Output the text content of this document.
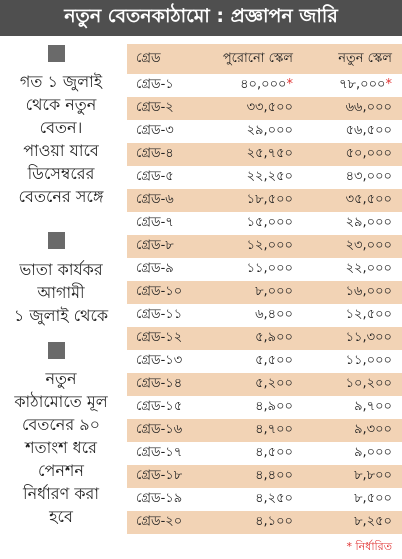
নতুন বেতনকাঠামো : প্রজ্ঞাপন জারি
গত ১ জুলাই
থেকে নতুন
বেতন।
পাওয়া যাবে
ডিসেম্বরের
বেতনের সঙ্গে
ভাতা কার্যকর
আগামী
১ জুলাই থেকে
নতুন
কাঠামোতে মূল
বেতনের ৯০
শতাংশ ধরে
পেনশন
নির্ধারণ করা
হবে
গ্রেড	পুরোনো স্কেল	নতুন স্কেল
গ্রেড-১	৪০,০০০*	৭৮,০০০*
গ্রেড-২	৩৩,৫০০	৬৬,০০০
গ্রেড-৩	২৯,০০০	৫৬,৫০০
গ্রেড-৪	২৫,৭৫০	৫০,০০০
গ্রেড-৫	২২,২৫০	৪৩,০০০
গ্রেড-৬	১৮,৫০০	৩৫,৫০০
গ্রেড-৭	১৫,০০০	২৯,০০০
গ্রেড-৮	১২,০০০	২৩,০০০
গ্রেড-৯	১১,০০০	২২,০০০
গ্রেড-১০	৮,০০০	১৬,০০০
গ্রেড-১১	৬,৪০০	১২,৫০০
গ্রেড-১২	৫,৯০০	১১,৩০০
গ্রেড-১৩	৫,৫০০	১১,০০০
গ্রেড-১৪	৫,২০০	১০,২০০
গ্রেড-১৫	৪,৯০০	৯,৭০০
গ্রেড-১৬	৪,৭০০	৯,৩০০
গ্রেড-১৭	৪,৫০০	৯,০০০
গ্রেড-১৮	৪,৪০০	৮,৮০০
গ্রেড-১৯	৪,২৫০	৮,৫০০
গ্রেড-২০	৪,১০০	৮,২৫০
* নির্ধারিত
